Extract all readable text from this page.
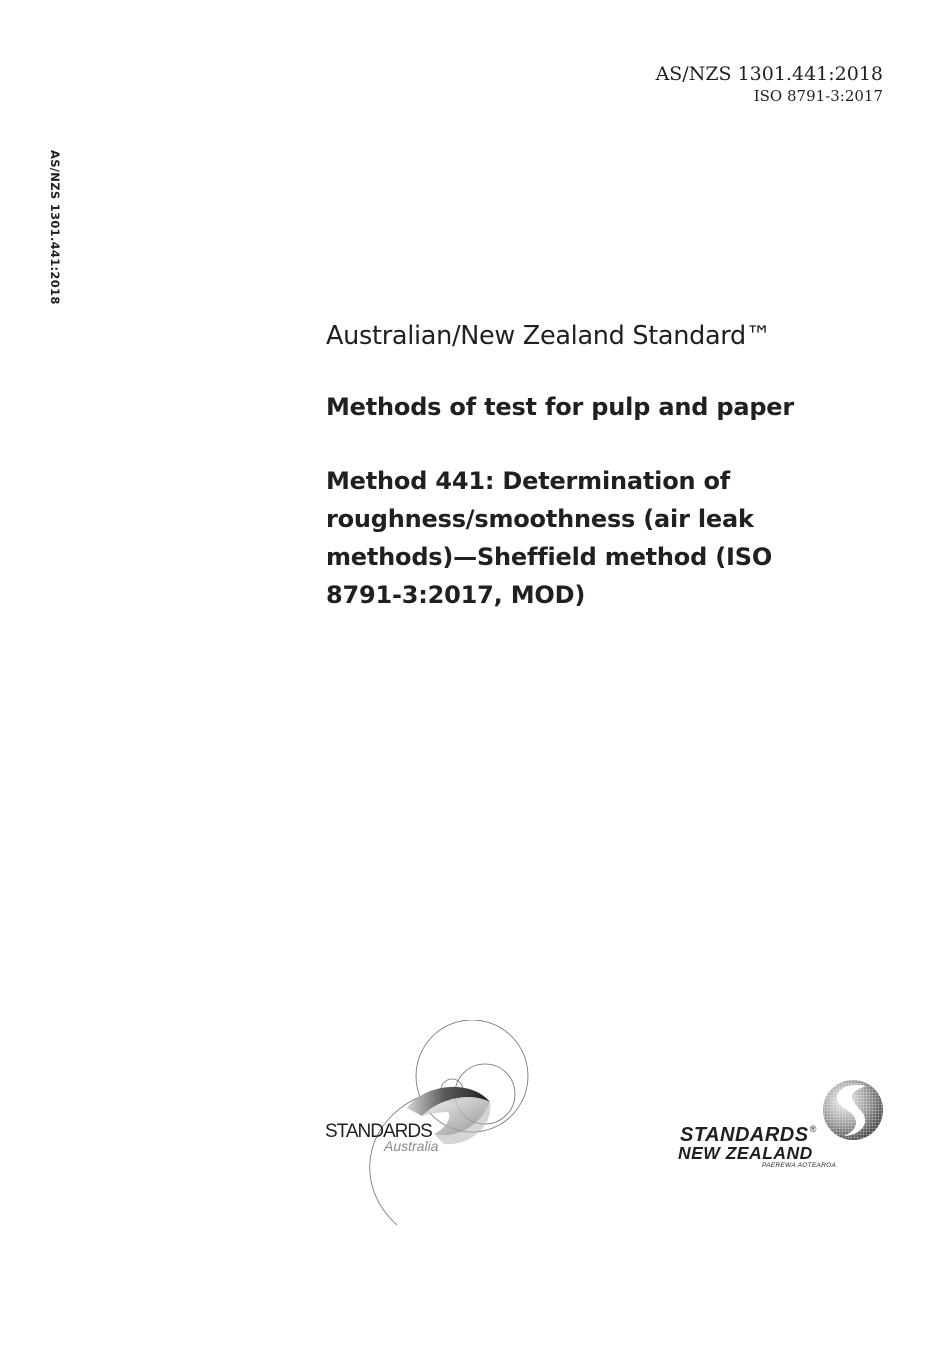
AS/NZS 1301.441:2018
ISO 8791-3:2017
AS/NZS 1301.441:2018
Australian/New Zealand Standard™
Methods of test for pulp and paper
Method 441: Determination of
roughness/smoothness (air leak
methods)—Sheffield method (ISO
8791-3:2017, MOD)
STANDARDS
Australia	STANDARDS®
NEW ZEALAND
PAEREWA AOTEAROA
